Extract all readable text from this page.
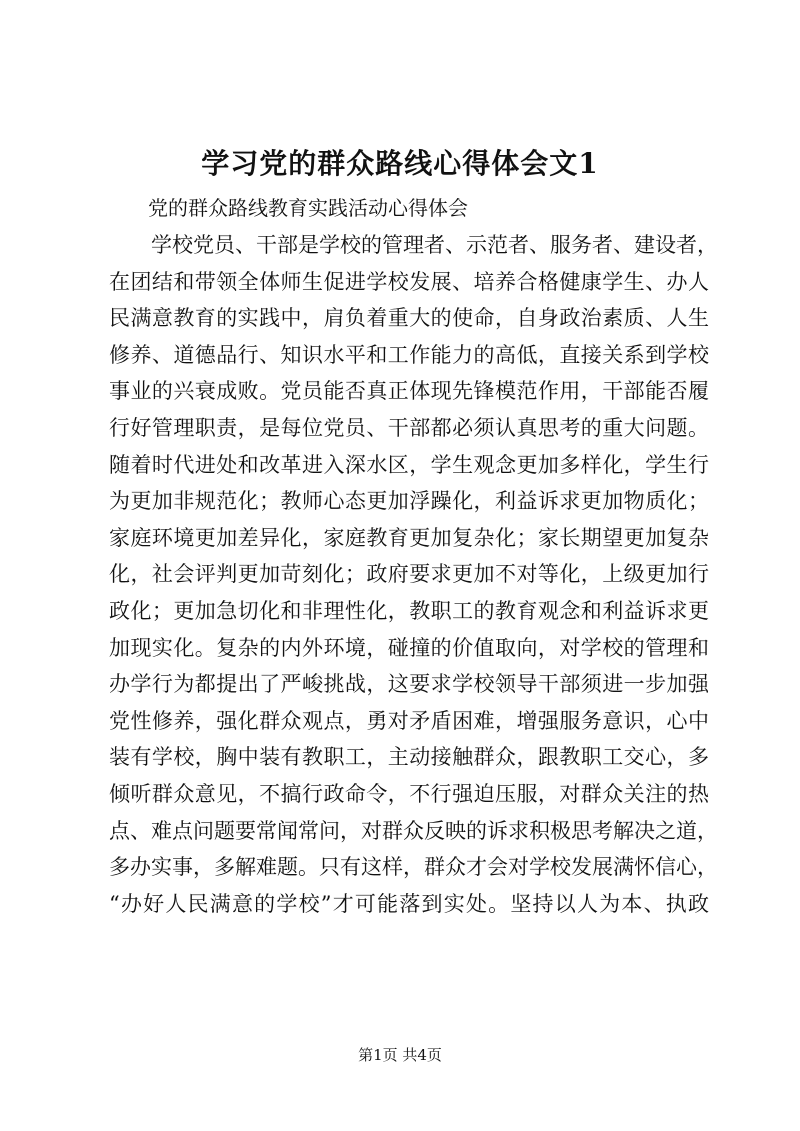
学习党的群众路线心得体会文1
党的群众路线教育实践活动心得体会
　　学校党员、干部是学校的管理者、示范者、服务者、建设者，
在团结和带领全体师生促进学校发展、培养合格健康学生、办人
民满意教育的实践中，肩负着重大的使命，自身政治素质、人生
修养、道德品行、知识水平和工作能力的高低，直接关系到学校
事业的兴衰成败。党员能否真正体现先锋模范作用，干部能否履
行好管理职责，是每位党员、干部都必须认真思考的重大问题。
随着时代进处和改革进入深水区，学生观念更加多样化，学生行
为更加非规范化；教师心态更加浮躁化，利益诉求更加物质化；
家庭环境更加差异化，家庭教育更加复杂化；家长期望更加复杂
化，社会评判更加苛刻化；政府要求更加不对等化，上级更加行
政化；更加急切化和非理性化，教职工的教育观念和利益诉求更
加现实化。复杂的内外环境，碰撞的价值取向，对学校的管理和
办学行为都提出了严峻挑战，这要求学校领导干部须进一步加强
党性修养，强化群众观点，勇对矛盾困难，增强服务意识，心中
装有学校，胸中装有教职工，主动接触群众，跟教职工交心，多
倾听群众意见，不搞行政命令，不行强迫压服，对群众关注的热
点、难点问题要常闻常问，对群众反映的诉求积极思考解决之道，
多办实事，多解难题。只有这样，群众才会对学校发展满怀信心，
“办好人民满意的学校”才可能落到实处。坚持以人为本、执政
第1页 共4页
